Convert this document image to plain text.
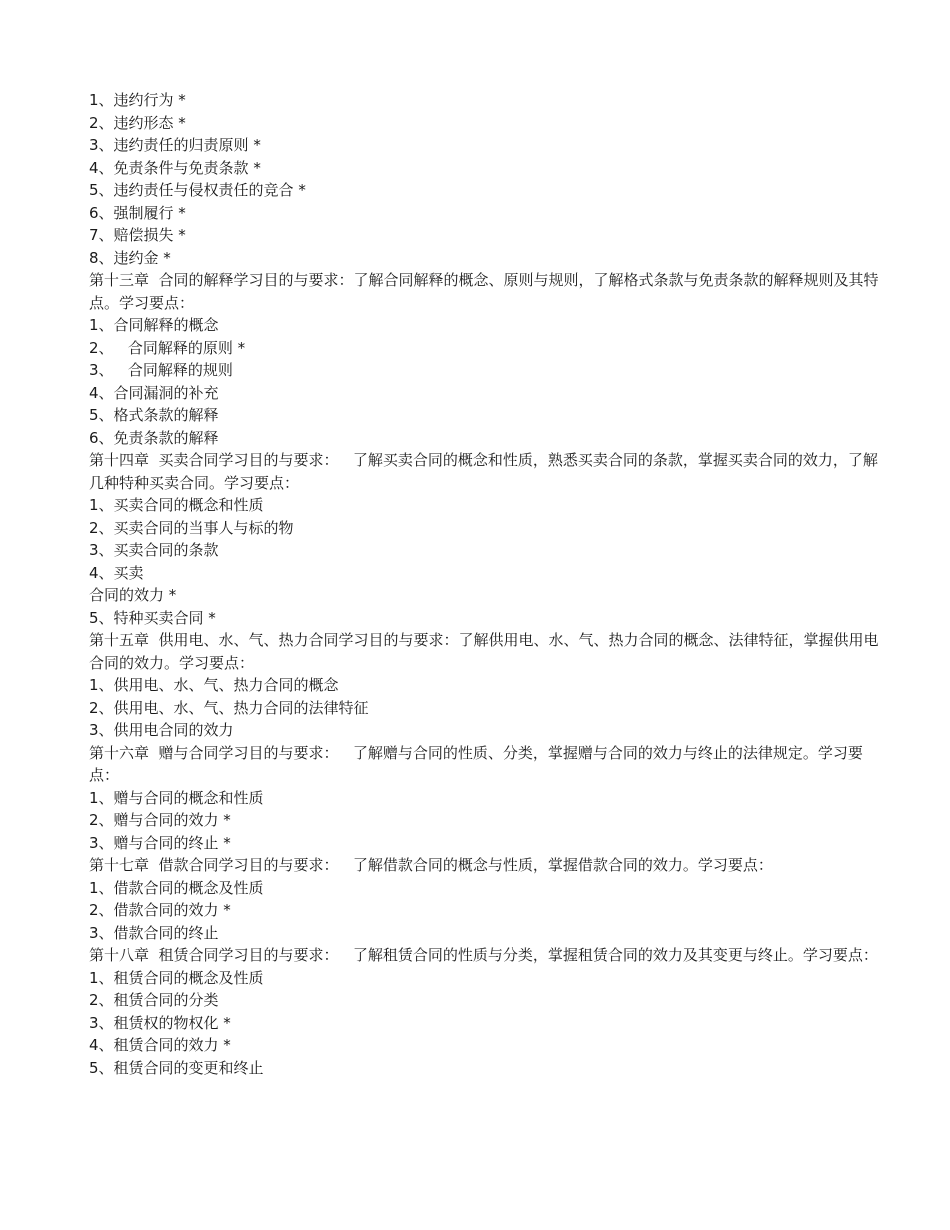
1、违约行为 *

2、违约形态 *

3、违约责任的归责原则 *

4、免责条件与免责条款 *

5、违约责任与侵权责任的竞合 *

6、强制履行 *

7、赔偿损失 *

8、违约金 *

第十三章  合同的解释学习目的与要求：了解合同解释的概念、原则与规则，了解格式条款与免责条款的解释规则及其特点。学习要点：

1、合同解释的概念

2、   合同解释的原则 *

3、   合同解释的规则

4、合同漏洞的补充

5、格式条款的解释

6、免责条款的解释

第十四章  买卖合同学习目的与要求：   了解买卖合同的概念和性质，熟悉买卖合同的条款，掌握买卖合同的效力，了解几种特种买卖合同。学习要点：

1、买卖合同的概念和性质

2、买卖合同的当事人与标的物

3、买卖合同的条款

4、买卖

合同的效力 *

5、特种买卖合同 *

第十五章  供用电、水、气、热力合同学习目的与要求：了解供用电、水、气、热力合同的概念、法律特征，掌握供用电合同的效力。学习要点：

1、供用电、水、气、热力合同的概念

2、供用电、水、气、热力合同的法律特征

3、供用电合同的效力

第十六章  赠与合同学习目的与要求：   了解赠与合同的性质、分类，掌握赠与合同的效力与终止的法律规定。学习要点：

1、赠与合同的概念和性质

2、赠与合同的效力 *

3、赠与合同的终止 *

第十七章  借款合同学习目的与要求：   了解借款合同的概念与性质，掌握借款合同的效力。学习要点：

1、借款合同的概念及性质

2、借款合同的效力 *

3、借款合同的终止

第十八章  租赁合同学习目的与要求：   了解租赁合同的性质与分类，掌握租赁合同的效力及其变更与终止。学习要点：

1、租赁合同的概念及性质

2、租赁合同的分类

3、租赁权的物权化 *

4、租赁合同的效力 *

5、租赁合同的变更和终止
